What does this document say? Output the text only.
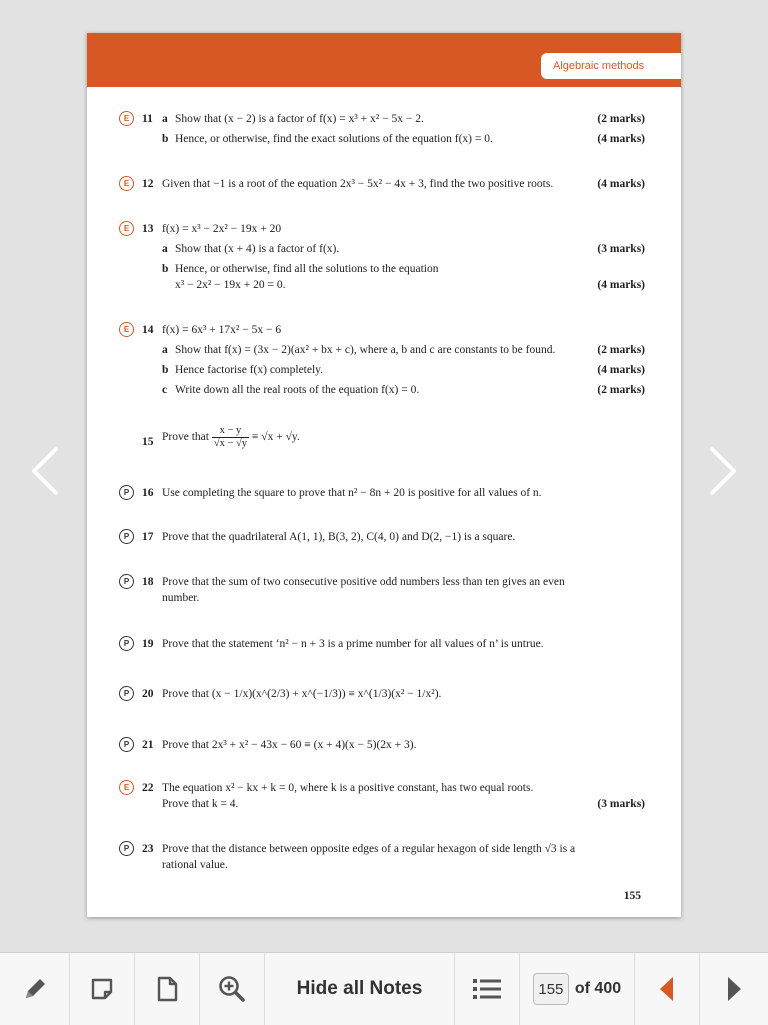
Algebraic methods
E	11 a Show that (x − 2) is a factor of f(x) = x³ + x² − 5x − 2.	(2 marks)
b Hence, or otherwise, find the exact solutions of the equation f(x) = 0.	(4 marks)
E	12 Given that −1 is a root of the equation 2x³ − 5x² − 4x + 3, find the two positive roots.	(4 marks)
E	13 f(x) = x³ − 2x² − 19x + 20
a Show that (x + 4) is a factor of f(x).	(3 marks)
b Hence, or otherwise, find all the solutions to the equation
x³ − 2x² − 19x + 20 = 0.	(4 marks)
E	14 f(x) = 6x³ + 17x² − 5x − 6
a Show that f(x) = (3x − 2)(ax² + bx + c), where a, b and c are constants to be found.	(2 marks)
b Hence factorise f(x) completely.	(4 marks)
c Write down all the real roots of the equation f(x) = 0.	(2 marks)
15 Prove that $\frac{x - y}{√x - √y} \equiv √x + √y$.
P	16 Use completing the square to prove that n² − 8n + 20 is positive for all values of n.
P	17 Prove that the quadrilateral A(1, 1), B(3, 2), C(4, 0) and D(2, −1) is a square.
P	18 Prove that the sum of two consecutive positive odd numbers less than ten gives an even
number.
P	19 Prove that the statement ‘n² − n + 3 is a prime number for all values of n’ is untrue.
P	20 Prove that (x − 1/x)(x^(2/3) + x^(−1/3)) ≡ x^(1/3)(x² − 1/x²).
P	21 Prove that 2x³ + x² − 43x − 60 ≡ (x + 4)(x − 5)(2x + 3).
E	22 The equation x² − kx + k = 0, where k is a positive constant, has two equal roots.
Prove that k = 4.	(3 marks)
P	23 Prove that the distance between opposite edges of a regular hexagon of side length √3 is a
rational value.
155
Hide all Notes	155 of 400
